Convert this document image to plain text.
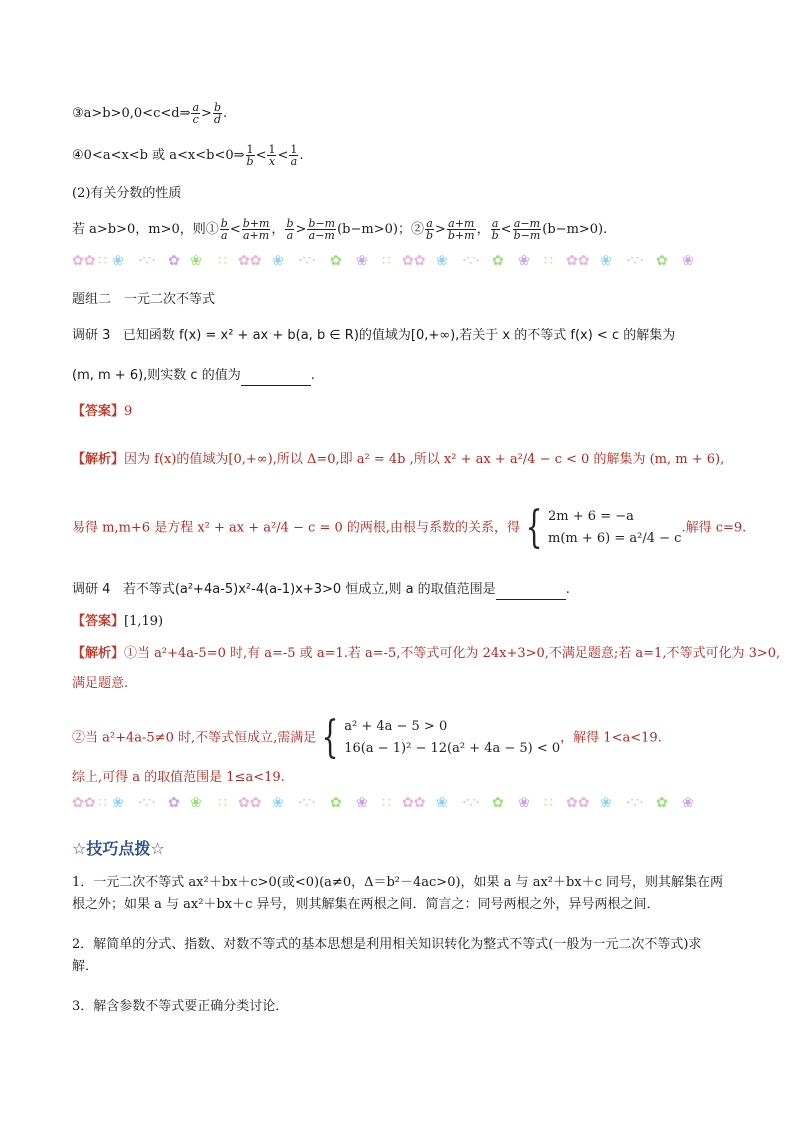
③a>b>0,0<c<d⇒ $\frac{a}{c} > \frac{b}{d}$ .
④0<a<x<b 或 a<x<b<0⇒ $\frac{1}{b} < \frac{1}{x} < \frac{1}{a}$ .
(2)有关分数的性质
若 a>b>0，m>0，则① $\frac{b}{a} < \frac{b+m}{a+m}$ ， $\frac{b}{a} > \frac{b-m}{a-m} (b-m>0)$；② $\frac{a}{b} > \frac{a+m}{b+m}$ ， $\frac{a}{b} < \frac{a-m}{b-m} (b-m>0)$.
✿✿ ∷ ❀ ·∵· ✿ ❀ ∷ ✿✿ ❀ ·∵· ✿ ❀ ∷ ✿✿ ❀ ·∵· ✿ ❀ ∷ ✿✿ ❀ ·∵· ✿ ❀
题组二　一元二次不等式
调研 3 已知函数 f(x) = x² + ax + b(a, b ∈ R)的值域为[0,+∞),若关于 x 的不等式 f(x) < c 的解集为
(m, m + 6),则实数 c 的值为	.
【答案】9
【解析】因为 f(x)的值域为[0,+∞),所以 Δ=0,即 a² = 4b ,所以 x² + ax + a²/4 − c < 0 的解集为 (m, m + 6),
易得 m,m+6 是方程 x² + ax + a²/4 − c = 0 的两根,由根与系数的关系，得 { 2m + 6 = −a
m(m + 6) = a²/4 − c.解得 c=9.
调研 4 若不等式(a²+4a-5)x²-4(a-1)x+3>0 恒成立,则 a 的取值范围是	.
【答案】[1,19)
【解析】①当 a²+4a-5=0 时,有 a=-5 或 a=1.若 a=-5,不等式可化为 24x+3>0,不满足题意;若 a=1,不等式可化为 3>0,
满足题意.
②当 a²+4a-5≠0 时,不等式恒成立,需满足 { a² + 4a − 5 > 0
16(a − 1)² − 12(a² + 4a − 5) < 0，解得 1<a<19.
综上,可得 a 的取值范围是 1≤a<19.
✿✿ ∷ ❀ ·∵· ✿ ❀ ∷ ✿✿ ❀ ·∵· ✿ ❀ ∷ ✿✿ ❀ ·∵· ✿ ❀ ∷ ✿✿ ❀ ·∵· ✿ ❀
☆技巧点拨☆
1．一元二次不等式 ax²＋bx＋c>0(或<0)(a≠0，Δ＝b²－4ac>0)，如果 a 与 ax²＋bx＋c 同号，则其解集在两根之外；如果 a 与 ax²＋bx＋c 异号，则其解集在两根之间．简言之：同号两根之外，异号两根之间．
2．解简单的分式、指数、对数不等式的基本思想是利用相关知识转化为整式不等式(一般为一元二次不等式)求解．
3．解含参数不等式要正确分类讨论．
